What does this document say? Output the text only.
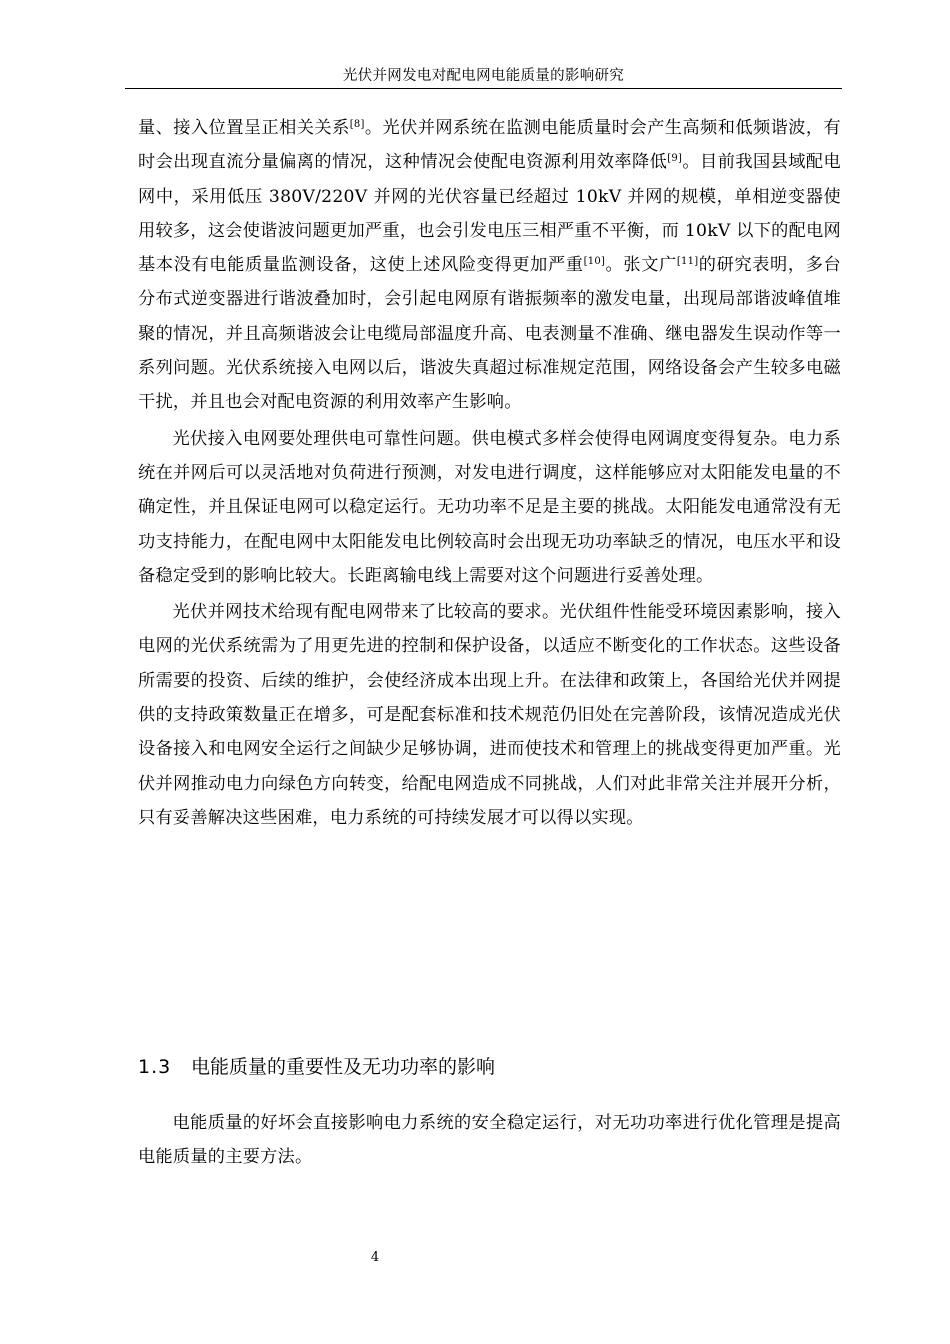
光伏并网发电对配电网电能质量的影响研究

量、接入位置呈正相关关系[8]。光伏并网系统在监测电能质量时会产生高频和低频谐波，有时会出现直流分量偏离的情况，这种情况会使配电资源利用效率降低[9]。目前我国县域配电网中，采用低压 380V/220V 并网的光伏容量已经超过 10kV 并网的规模，单相逆变器使用较多，这会使谐波问题更加严重，也会引发电压三相严重不平衡，而 10kV 以下的配电网基本没有电能质量监测设备，这使上述风险变得更加严重[10]。张文广[11]的研究表明，多台分布式逆变器进行谐波叠加时，会引起电网原有谐振频率的激发电量，出现局部谐波峰值堆聚的情况，并且高频谐波会让电缆局部温度升高、电表测量不准确、继电器发生误动作等一系列问题。光伏系统接入电网以后，谐波失真超过标准规定范围，网络设备会产生较多电磁干扰，并且也会对配电资源的利用效率产生影响。

光伏接入电网要处理供电可靠性问题。供电模式多样会使得电网调度变得复杂。电力系统在并网后可以灵活地对负荷进行预测，对发电进行调度，这样能够应对太阳能发电量的不确定性，并且保证电网可以稳定运行。无功功率不足是主要的挑战。太阳能发电通常没有无功支持能力，在配电网中太阳能发电比例较高时会出现无功功率缺乏的情况，电压水平和设备稳定受到的影响比较大。长距离输电线上需要对这个问题进行妥善处理。

光伏并网技术给现有配电网带来了比较高的要求。光伏组件性能受环境因素影响，接入电网的光伏系统需为了用更先进的控制和保护设备，以适应不断变化的工作状态。这些设备所需要的投资、后续的维护，会使经济成本出现上升。在法律和政策上，各国给光伏并网提供的支持政策数量正在增多，可是配套标准和技术规范仍旧处在完善阶段，该情况造成光伏设备接入和电网安全运行之间缺少足够协调，进而使技术和管理上的挑战变得更加严重。光伏并网推动电力向绿色方向转变，给配电网造成不同挑战，人们对此非常关注并展开分析，只有妥善解决这些困难，电力系统的可持续发展才可以得以实现。

1.3 电能质量的重要性及无功功率的影响

电能质量的好坏会直接影响电力系统的安全稳定运行，对无功功率进行优化管理是提高电能质量的主要方法。

4
